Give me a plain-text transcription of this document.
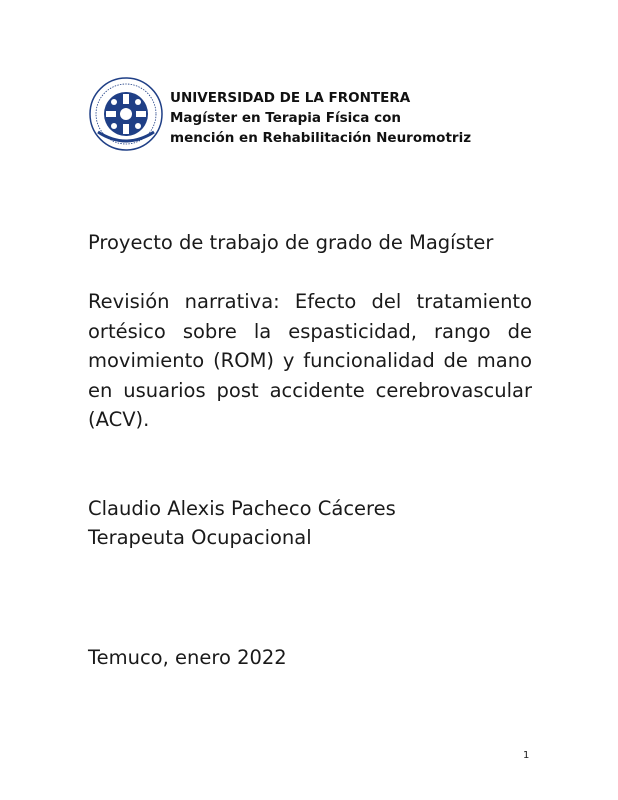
UNIVERSIDAD DE LA FRONTERA
Magíster en Terapia Física con
mención en Rehabilitación Neuromotriz
Proyecto de trabajo de grado de Magíster
Revisión narrativa: Efecto del tratamiento ortésico sobre la espasticidad, rango de movimiento (ROM) y funcionalidad de mano en usuarios post accidente cerebrovascular (ACV).
Claudio Alexis Pacheco Cáceres
Terapeuta Ocupacional
Temuco, enero 2022
1
